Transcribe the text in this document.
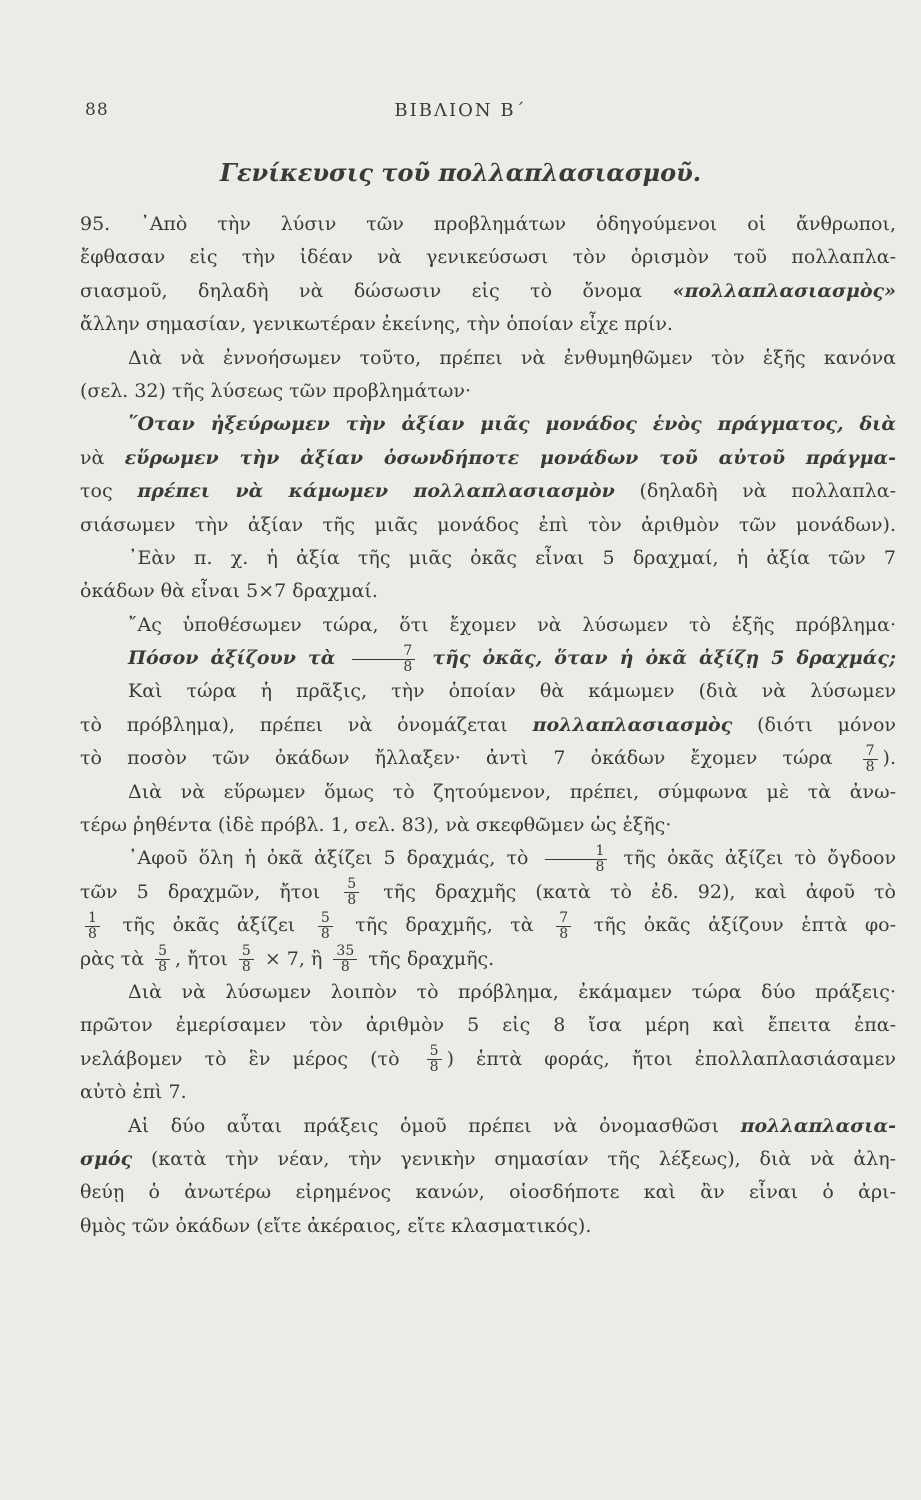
88	ΒΙΒΛΙΟΝ Β΄
Γενίκευσις τοῦ πολλαπλασιασμοῦ.
95. ᾿Απὸ τὴν λύσιν τῶν προβλημάτων ὁδηγούμενοι οἱ ἄνθρωποι,
ἔφθασαν εἰς τὴν ἰδέαν νὰ γενικεύσωσι τὸν ὁρισμὸν τοῦ πολλαπλα-
σιασμοῦ, δηλαδὴ νὰ δώσωσιν εἰς τὸ ὄνομα «πολλαπλασιασμὸς»
ἄλλην σημασίαν, γενικωτέραν ἐκείνης, τὴν ὁποίαν εἶχε πρίν.
Διὰ νὰ ἐννοήσωμεν τοῦτο, πρέπει νὰ ἐνθυμηθῶμεν τὸν ἑξῆς κανόνα
(σελ. 32) τῆς λύσεως τῶν προβλημάτων·
῞Οταν ἠξεύρωμεν τὴν ἀξίαν μιᾶς μονάδος ἑνὸς πράγματος, διὰ
νὰ εὕρωμεν τὴν ἀξίαν ὁσωνδήποτε μονάδων τοῦ αὐτοῦ πράγμα-
τος πρέπει νὰ κάμωμεν πολλαπλασιασμὸν (δηλαδὴ νὰ πολλαπλα-
σιάσωμεν τὴν ἀξίαν τῆς μιᾶς μονάδος ἐπὶ τὸν ἀριθμὸν τῶν μονάδων).
᾿Εὰν π. χ. ἡ ἀξία τῆς μιᾶς ὀκᾶς εἶναι 5 δραχμαί, ἡ ἀξία τῶν 7
ὀκάδων θὰ εἶναι 5×7 δραχμαί.
῎Ας ὑποθέσωμεν τώρα, ὅτι ἔχομεν νὰ λύσωμεν τὸ ἑξῆς πρόβλημα·
Πόσον ἀξίζουν τὰ $\frac{7}{8}$ τῆς ὀκᾶς, ὅταν ἡ ὀκᾶ ἀξίζῃ 5 δραχμάς;
Καὶ τώρα ἡ πρᾶξις, τὴν ὁποίαν θὰ κάμωμεν (διὰ νὰ λύσωμεν
τὸ πρόβλημα), πρέπει νὰ ὀνομάζεται πολλαπλασιασμὸς (διότι μόνον
τὸ ποσὸν τῶν ὀκάδων ἤλλαξεν· ἀντὶ 7 ὀκάδων ἔχομεν τώρα $\frac{7}{8}$ ).
Διὰ νὰ εὕρωμεν ὅμως τὸ ζητούμενον, πρέπει, σύμφωνα μὲ τὰ ἀνω-
τέρω ῥηθέντα (ἰδὲ πρόβλ. 1, σελ. 83), νὰ σκεφθῶμεν ὡς ἑξῆς·
᾿Αφοῦ ὅλη ἡ ὀκᾶ ἀξίζει 5 δραχμάς, τὸ $\frac{1}{8}$ τῆς ὀκᾶς ἀξίζει τὸ ὄγδοον
τῶν 5 δραχμῶν, ἤτοι $\frac{5}{8}$ τῆς δραχμῆς (κατὰ τὸ ἐδ. 92), καὶ ἀφοῦ τὸ
$\frac{1}{8}$ τῆς ὀκᾶς ἀξίζει $\frac{5}{8}$ τῆς δραχμῆς, τὰ $\frac{7}{8}$ τῆς ὀκᾶς ἀξίζουν ἑπτὰ φο-
ρὰς τὰ $\frac{5}{8}$ , ἤτοι $\frac{5}{8} \times 7$, ἢ $\frac{35}{8}$ τῆς δραχμῆς.
Διὰ νὰ λύσωμεν λοιπὸν τὸ πρόβλημα, ἐκάμαμεν τώρα δύο πράξεις·
πρῶτον ἐμερίσαμεν τὸν ἀριθμὸν 5 εἰς 8 ἴσα μέρη καὶ ἔπειτα ἐπα-
νελάβομεν τὸ ἓν μέρος (τὸ $\frac{5}{8}$ ) ἑπτὰ φοράς, ἤτοι ἐπολλαπλασιάσαμεν
αὐτὸ ἐπὶ 7.
Αἱ δύο αὗται πράξεις ὁμοῦ πρέπει νὰ ὀνομασθῶσι πολλαπλασια-
σμός (κατὰ τὴν νέαν, τὴν γενικὴν σημασίαν τῆς λέξεως), διὰ νὰ ἀλη-
θεύῃ ὁ ἀνωτέρω εἰρημένος κανών, οἱοσδήποτε καὶ ἂν εἶναι ὁ ἀρι-
θμὸς τῶν ὀκάδων (εἴτε ἀκέραιος, εἴτε κλασματικός).
